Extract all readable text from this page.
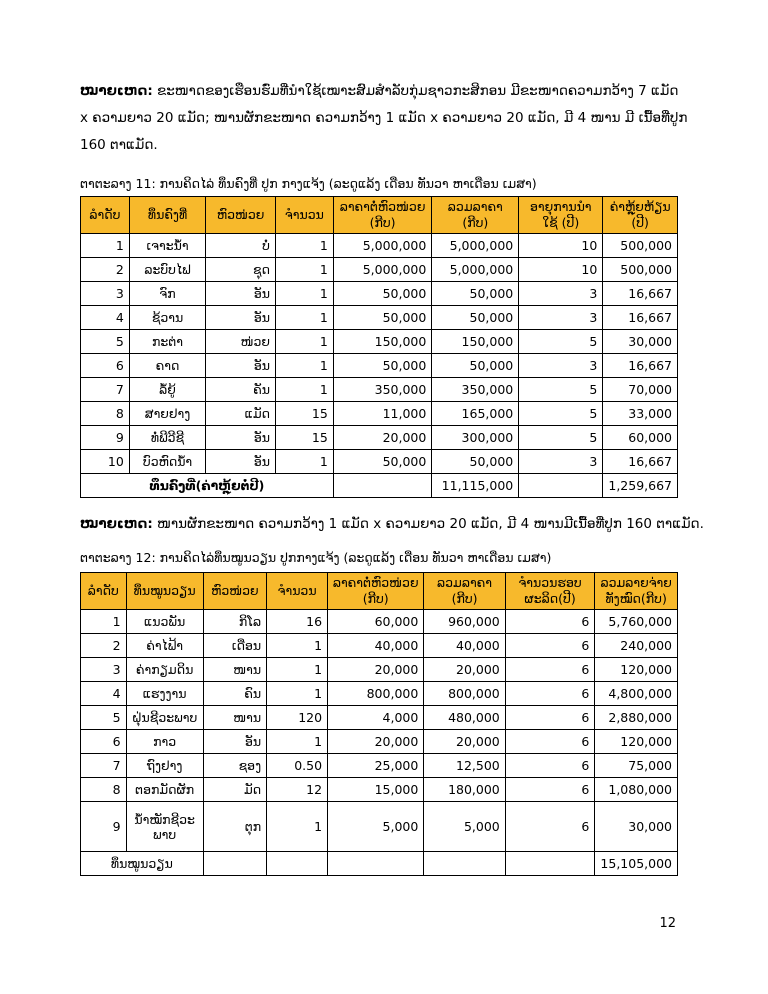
ໝາຍເຫດ: ຂະໜາດຂອງເຮືອນຮົ່ມທີ່ນຳໃຊ້ເໝາະສົມສຳລັບກຸ່ມຊາວກະສິກອນ ມີຂະໜາດຄວາມກວ້າງ 7 ແມັດ x ຄວາມຍາວ 20 ແມັດ; ໜານຜັກຂະໜາດ ຄວາມກວ້າງ 1 ແມັດ x ຄວາມຍາວ 20 ແມັດ, ມີ 4 ໜານ ມີ ເນື້ອທີ່ປູກ 160 ຕາແມັດ.

ຕາຕະລາງ 11: ການຄິດໄລ່ ທຶນຄົງທີ່ ປູກ ກາງແຈ້ງ (ລະດູແລ້ງ ເດືອນ ທັນວາ ຫາເດືອນ ເມສາ)
ລຳດັບ	ທຶນຄົງທີ່	ຫົວໜ່ວຍ	ຈຳນວນ	ລາຄາຕໍ່ຫົວໜ່ວຍ (ກີບ)	ລວມລາຄາ (ກີບ)	ອາຍຸການນຳໃຊ້ (ປີ)	ຄ່າຫຼຸ້ຍຫ້ຽນ (ປີ)
1	ເຈາະນ້ຳ	ບໍ່	1	5,000,000	5,000,000	10	500,000
2	ລະບົບໄຟ	ຊຸດ	1	5,000,000	5,000,000	10	500,000
3	ຈົກ	ອັນ	1	50,000	50,000	3	16,667
4	ຊ້ວານ	ອັນ	1	50,000	50,000	3	16,667
5	ກະຕ່າ	ໜ່ວຍ	1	150,000	150,000	5	30,000
6	ຄາດ	ອັນ	1	50,000	50,000	3	16,667
7	ລໍ້ຍູ້	ຄັນ	1	350,000	350,000	5	70,000
8	ສາຍຢາງ	ແມັດ	15	11,000	165,000	5	33,000
9	ທໍ່ພີວີຊີ	ອັນ	15	20,000	300,000	5	60,000
10	ບົວຫົດນ້ຳ	ອັນ	1	50,000	50,000	3	16,667
ທຶນຄົງທີ່(ຄ່າຫຼຸ້ຍຕໍ່ປີ)					11,115,000		1,259,667

ໝາຍເຫດ: ໜານຜັກຂະໜາດ ຄວາມກວ້າງ 1 ແມັດ x ຄວາມຍາວ 20 ແມັດ, ມີ 4 ໜານມີເນື້ອທີ່ປູກ 160 ຕາແມັດ.

ຕາຕະລາງ 12: ການຄິດໄລ່ທຶນໝູນວຽນ ປູກກາງແຈ້ງ (ລະດູແລ້ງ ເດືອນ ທັນວາ ຫາເດືອນ ເມສາ)
ລຳດັບ	ທຶນໝູນວຽນ	ຫົວໜ່ວຍ	ຈຳນວນ	ລາຄາຕໍ່ຫົວໜ່ວຍ (ກີບ)	ລວມລາຄາ (ກີບ)	ຈຳນວນຮອບ ຜະລິດ(ປີ)	ລວມລາຍຈ່າຍ ທັງໝົດ(ກີບ)
1	ແນວພັນ	ກິໂລ	16	60,000	960,000	6	5,760,000
2	ຄ່າໄຟ້າ	ເດືອນ	1	40,000	40,000	6	240,000
3	ຄ່າກຽມດິນ	ໜານ	1	20,000	20,000	6	120,000
4	ແຮງງານ	ຄົນ	1	800,000	800,000	6	4,800,000
5	ຝຸ່ນຊີວະພາບ	ໜານ	120	4,000	480,000	6	2,880,000
6	ກາວ	ອັນ	1	20,000	20,000	6	120,000
7	ຖົງຢາງ	ຊອງ	0.50	25,000	12,500	6	75,000
8	ຕອກມັດຜັກ	ມັດ	12	15,000	180,000	6	1,080,000
9	ນ້ຳໝັກຊີວະພາບ	ຕຸກ	1	5,000	5,000	6	30,000
ທຶນໝູນວຽນ							15,105,000
12
